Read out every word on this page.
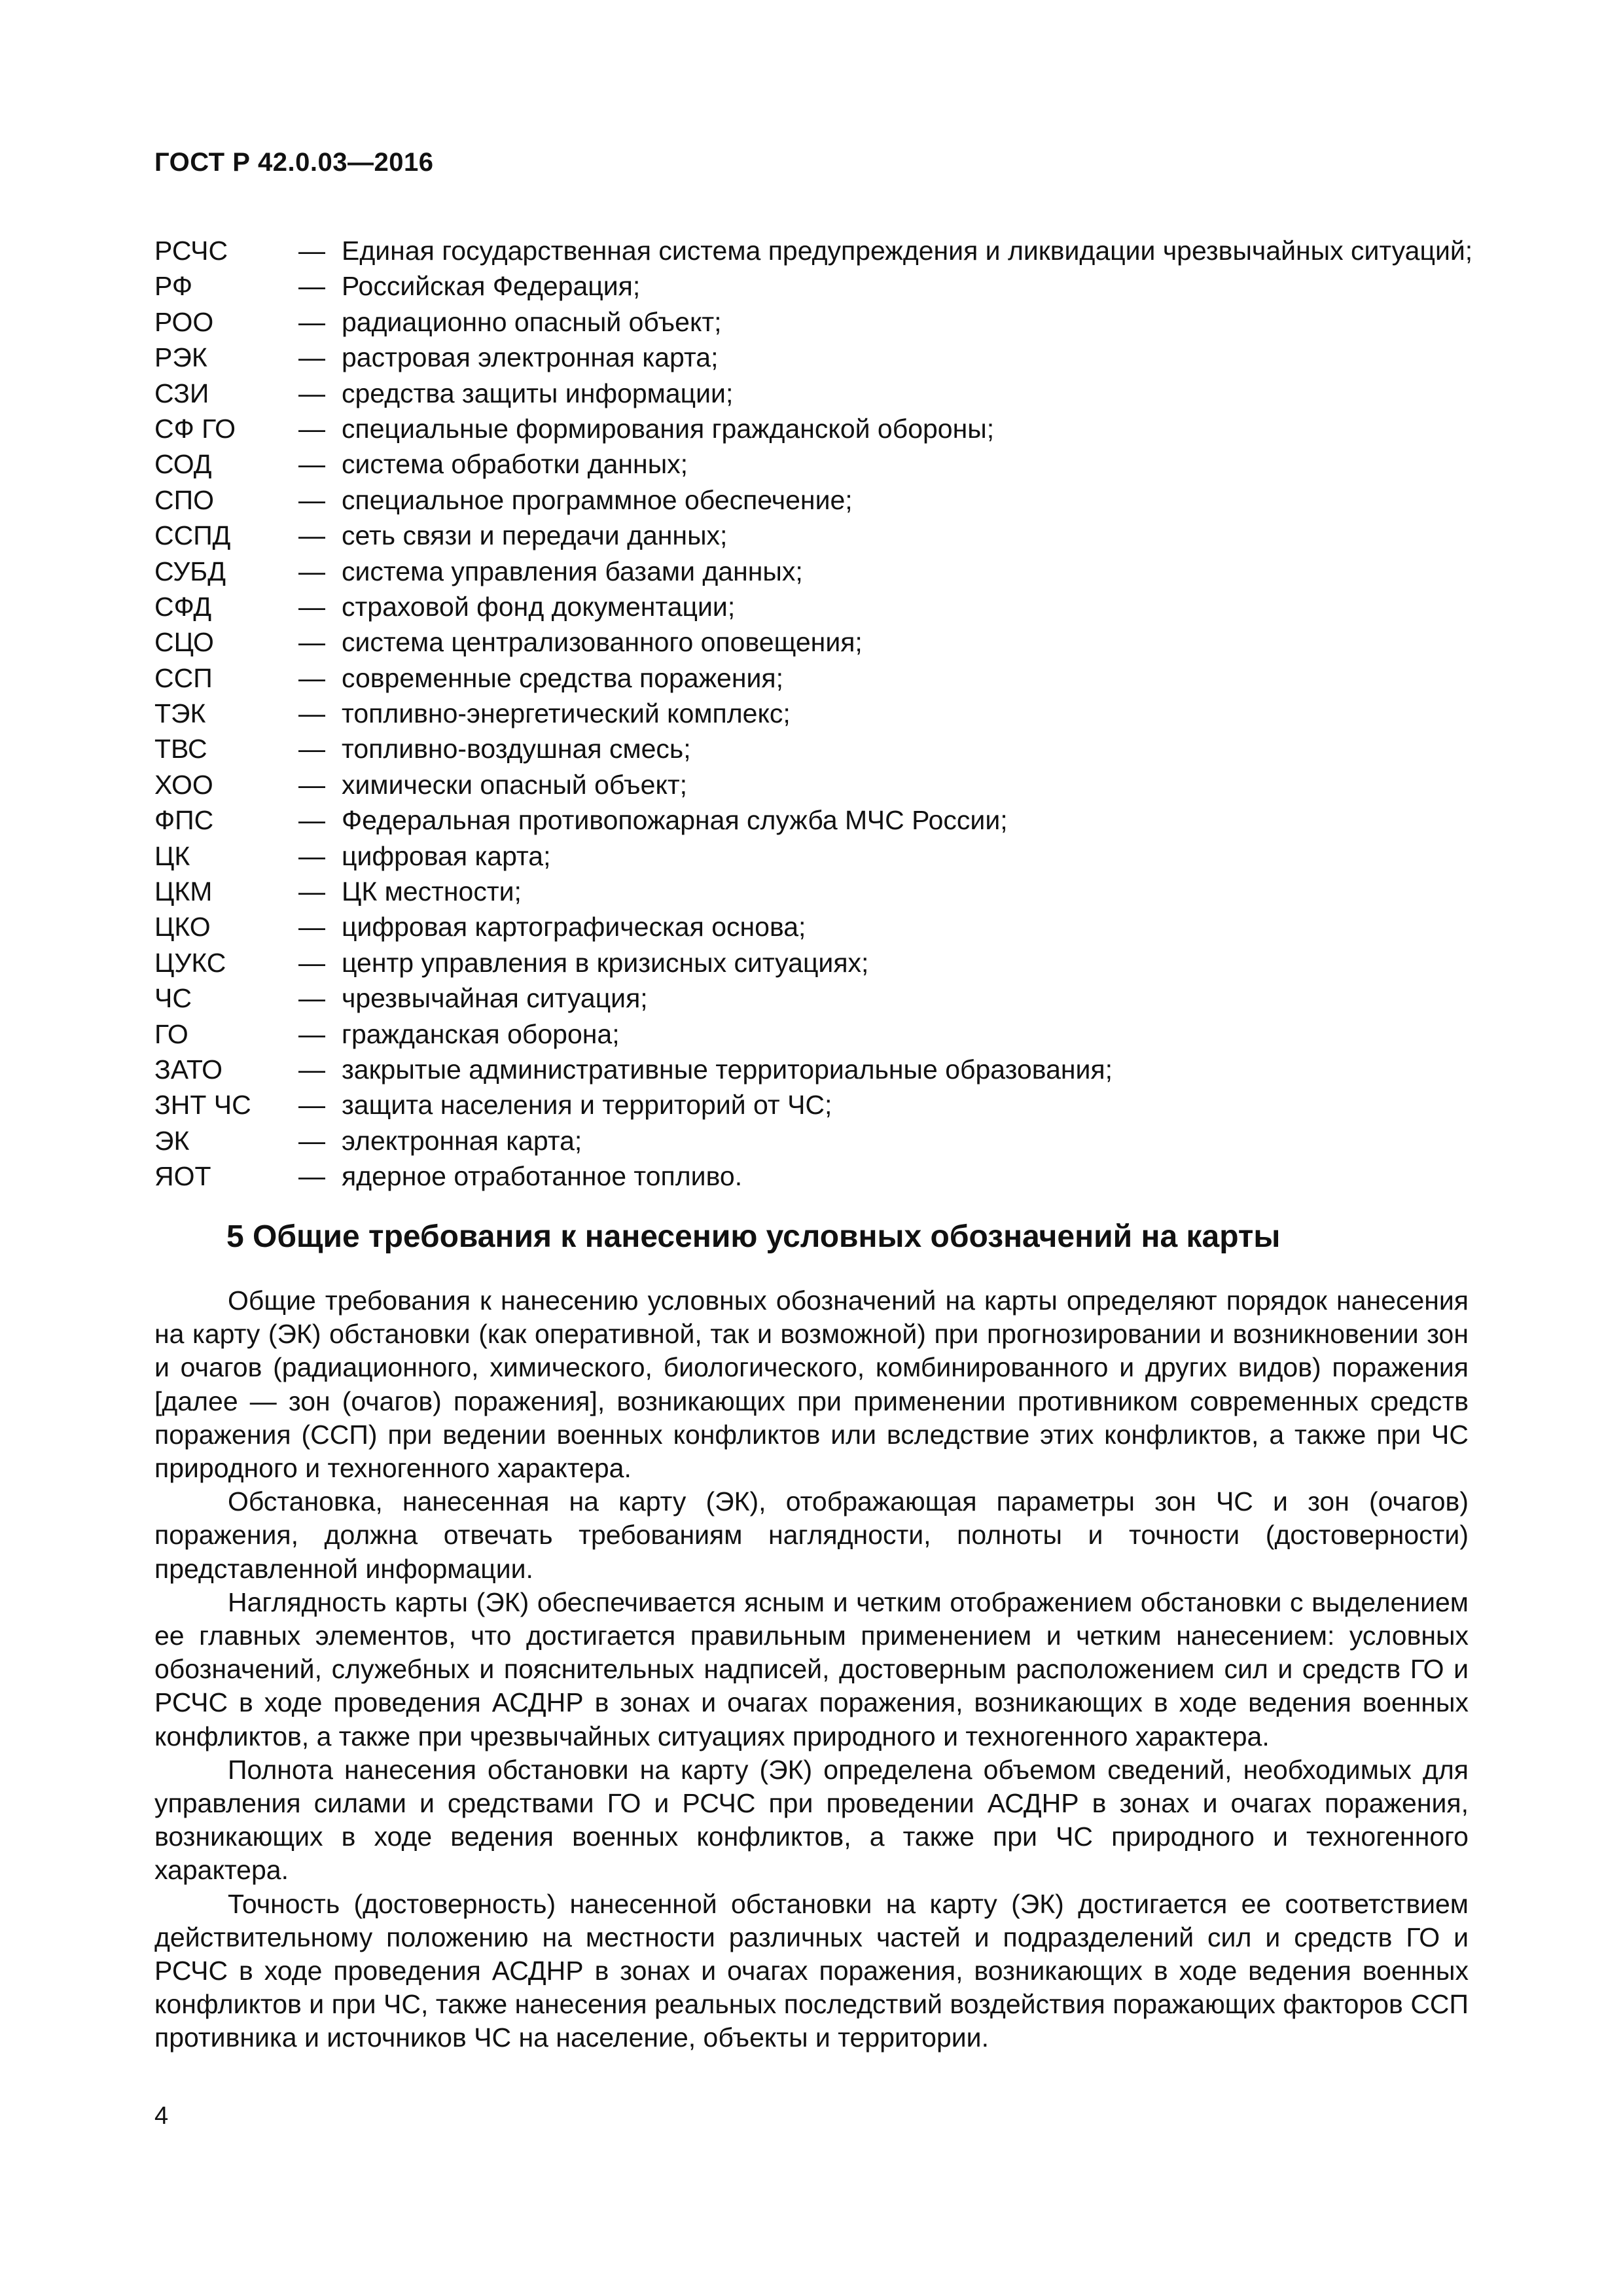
ГОСТ Р 42.0.03—2016
РСЧС	— Единая государственная система предупреждения и ликвидации чрезвычайных ситуаций;
РФ	— Российская Федерация;
РОО	— радиационно опасный объект;
РЭК	— растровая электронная карта;
СЗИ	— средства защиты информации;
СФ ГО	— специальные формирования гражданской обороны;
СОД	— система обработки данных;
СПО	— специальное программное обеспечение;
ССПД	— сеть связи и передачи данных;
СУБД	— система управления базами данных;
СФД	— страховой фонд документации;
СЦО	— система централизованного оповещения;
ССП	— современные средства поражения;
ТЭК	— топливно-энергетический комплекс;
ТВС	— топливно-воздушная смесь;
ХОО	— химически опасный объект;
ФПС	— Федеральная противопожарная служба МЧС России;
ЦК	— цифровая карта;
ЦКМ	— ЦК местности;
ЦКО	— цифровая картографическая основа;
ЦУКС	— центр управления в кризисных ситуациях;
ЧС	— чрезвычайная ситуация;
ГО	— гражданская оборона;
ЗАТО	— закрытые административные территориальные образования;
ЗНТ ЧС	— защита населения и территорий от ЧС;
ЭК	— электронная карта;
ЯОТ	— ядерное отработанное топливо.
5 Общие требования к нанесению условных обозначений на карты

Общие требования к нанесению условных обозначений на карты определяют порядок нанесения на карту (ЭК) обстановки (как оперативной, так и возможной) при прогнозировании и возникновении зон и очагов (радиационного, химического, биологического, комбинированного и других видов) поражения [далее — зон (очагов) поражения], возникающих при применении противником современных средств поражения (ССП) при ведении военных конфликтов или вследствие этих конфликтов, а также при ЧС природного и техногенного характера.

Обстановка, нанесенная на карту (ЭК), отображающая параметры зон ЧС и зон (очагов) поражения, должна отвечать требованиям наглядности, полноты и точности (достоверности) представленной информации.

Наглядность карты (ЭК) обеспечивается ясным и четким отображением обстановки с выделением ее главных элементов, что достигается правильным применением и четким нанесением: условных обозначений, служебных и пояснительных надписей, достоверным расположением сил и средств ГО и РСЧС в ходе проведения АСДНР в зонах и очагах поражения, возникающих в ходе ведения военных конфликтов, а также при чрезвычайных ситуациях природного и техногенного характера.

Полнота нанесения обстановки на карту (ЭК) определена объемом сведений, необходимых для управления силами и средствами ГО и РСЧС при проведении АСДНР в зонах и очагах поражения, возникающих в ходе ведения военных конфликтов, а также при ЧС природного и техногенного характера.

Точность (достоверность) нанесенной обстановки на карту (ЭК) достигается ее соответствием действительному положению на местности различных частей и подразделений сил и средств ГО и РСЧС в ходе проведения АСДНР в зонах и очагах поражения, возникающих в ходе ведения военных конфликтов и при ЧС, также нанесения реальных последствий воздействия поражающих факторов ССП противника и источников ЧС на население, объекты и территории.

4
